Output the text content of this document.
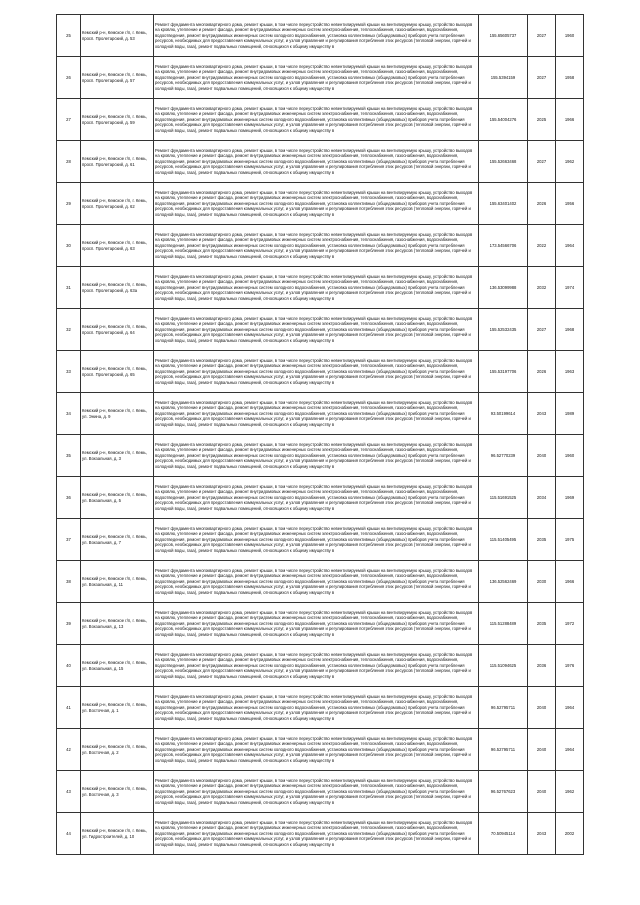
25	Кемский р-н, Кемское г/п, г. Кемь, просп. Пролетарский, д. 53	Ремонт фундамента многоквартирного дома, ремонт крыши, в том числе переустройство невентилируемой крыши на вентилируемую крышу, устройство выходов на кровлю, утепление и ремонт фасада, ремонт внутридомовых инженерных систем электроснабжения, теплоснабжения, газоснабжения, водоснабжения, водоотведения, ремонт внутридомовых инженерных систем холодного водоснабжения, установка коллективных (общедомовых) приборов учета потребления ресурсов, необходимых для предоставления коммунальных услуг, и узлов управления и регулирования потребления этих ресурсов (тепловой энергии, горячей и холодной воды, газа), ремонт подвальных помещений, относящихся к общему имуществу в	155.65605737	2027	1960
26	Кемский р-н, Кемское г/п, г. Кемь, просп. Пролетарский, д. 57	Ремонт фундамента многоквартирного дома, ремонт крыши, в том числе переустройство невентилируемой крыши на вентилируемую крышу, устройство выходов на кровлю, утепление и ремонт фасада, ремонт внутридомовых инженерных систем электроснабжения, теплоснабжения, газоснабжения, водоснабжения, водоотведения, ремонт внутридомовых инженерных систем холодного водоснабжения, установка коллективных (общедомовых) приборов учета потребления ресурсов, необходимых для предоставления коммунальных услуг, и узлов управления и регулирования потребления этих ресурсов (тепловой энергии, горячей и холодной воды, газа), ремонт подвальных помещений, относящихся к общему имуществу в	155.5394159	2027	1958
27	Кемский р-н, Кемское г/п, г. Кемь, просп. Пролетарский, д. 59	Ремонт фундамента многоквартирного дома, ремонт крыши, в том числе переустройство невентилируемой крыши на вентилируемую крышу, устройство выходов на кровлю, утепление и ремонт фасада, ремонт внутридомовых инженерных систем электроснабжения, теплоснабжения, газоснабжения, водоснабжения, водоотведения, ремонт внутридомовых инженерных систем холодного водоснабжения, установка коллективных (общедомовых) приборов учета потребления ресурсов, необходимых для предоставления коммунальных услуг, и узлов управления и регулирования потребления этих ресурсов (тепловой энергии, горячей и холодной воды, газа), ремонт подвальных помещений, относящихся к общему имуществу в	155.54004276	2025	1966
28	Кемский р-н, Кемское г/п, г. Кемь, просп. Пролетарский, д. 61	Ремонт фундамента многоквартирного дома, ремонт крыши, в том числе переустройство невентилируемой крыши на вентилируемую крышу, устройство выходов на кровлю, утепление и ремонт фасада, ремонт внутридомовых инженерных систем электроснабжения, теплоснабжения, газоснабжения, водоснабжения, водоотведения, ремонт внутридомовых инженерных систем холодного водоснабжения, установка коллективных (общедомовых) приборов учета потребления ресурсов, необходимых для предоставления коммунальных услуг, и узлов управления и регулирования потребления этих ресурсов (тепловой энергии, горячей и холодной воды, газа), ремонт подвальных помещений, относящихся к общему имуществу в	155.52663468	2027	1962
29	Кемский р-н, Кемское г/п, г. Кемь, просп. Пролетарский, д. 62	Ремонт фундамента многоквартирного дома, ремонт крыши, в том числе переустройство невентилируемой крыши на вентилируемую крышу, устройство выходов на кровлю, утепление и ремонт фасада, ремонт внутридомовых инженерных систем электроснабжения, теплоснабжения, газоснабжения, водоснабжения, водоотведения, ремонт внутридомовых инженерных систем холодного водоснабжения, установка коллективных (общедомовых) приборов учета потребления ресурсов, необходимых для предоставления коммунальных услуг, и узлов управления и регулирования потребления этих ресурсов (тепловой энергии, горячей и холодной воды, газа), ремонт подвальных помещений, относящихся к общему имуществу в	155.63401402	2026	1956
30	Кемский р-н, Кемское г/п, г. Кемь, просп. Пролетарский, д. 63	Ремонт фундамента многоквартирного дома, ремонт крыши, в том числе переустройство невентилируемой крыши на вентилируемую крышу, устройство выходов на кровлю, утепление и ремонт фасада, ремонт внутридомовых инженерных систем электроснабжения, теплоснабжения, газоснабжения, водоснабжения, водоотведения, ремонт внутридомовых инженерных систем холодного водоснабжения, установка коллективных (общедомовых) приборов учета потребления ресурсов, необходимых для предоставления коммунальных услуг, и узлов управления и регулирования потребления этих ресурсов (тепловой энергии, горячей и холодной воды, газа), ремонт подвальных помещений, относящихся к общему имуществу в	173.54566706	2022	1964
31	Кемский р-н, Кемское г/п, г. Кемь, просп. Пролетарский, д. 63а	Ремонт фундамента многоквартирного дома, ремонт крыши, в том числе переустройство невентилируемой крыши на вентилируемую крышу, устройство выходов на кровлю, утепление и ремонт фасада, ремонт внутридомовых инженерных систем электроснабжения, теплоснабжения, газоснабжения, водоснабжения, водоотведения, ремонт внутридомовых инженерных систем холодного водоснабжения, установка коллективных (общедомовых) приборов учета потребления ресурсов, необходимых для предоставления коммунальных услуг, и узлов управления и регулирования потребления этих ресурсов (тепловой энергии, горячей и холодной воды, газа), ремонт подвальных помещений, относящихся к общему имуществу в	136.53099988	2032	1974
32	Кемский р-н, Кемское г/п, г. Кемь, просп. Пролетарский, д. 64	Ремонт фундамента многоквартирного дома, ремонт крыши, в том числе переустройство невентилируемой крыши на вентилируемую крышу, устройство выходов на кровлю, утепление и ремонт фасада, ремонт внутридомовых инженерных систем электроснабжения, теплоснабжения, газоснабжения, водоснабжения, водоотведения, ремонт внутридомовых инженерных систем холодного водоснабжения, установка коллективных (общедомовых) приборов учета потребления ресурсов, необходимых для предоставления коммунальных услуг, и узлов управления и регулирования потребления этих ресурсов (тепловой энергии, горячей и холодной воды, газа), ремонт подвальных помещений, относящихся к общему имуществу в	155.52532435	2027	1968
33	Кемский р-н, Кемское г/п, г. Кемь, просп. Пролетарский, д. 65	Ремонт фундамента многоквартирного дома, ремонт крыши, в том числе переустройство невентилируемой крыши на вентилируемую крышу, устройство выходов на кровлю, утепление и ремонт фасада, ремонт внутридомовых инженерных систем электроснабжения, теплоснабжения, газоснабжения, водоснабжения, водоотведения, ремонт внутридомовых инженерных систем холодного водоснабжения, установка коллективных (общедомовых) приборов учета потребления ресурсов, необходимых для предоставления коммунальных услуг, и узлов управления и регулирования потребления этих ресурсов (тепловой энергии, горячей и холодной воды, газа), ремонт подвальных помещений, относящихся к общему имуществу в	155.53197706	2026	1963
34	Кемский р-н, Кемское г/п, г. Кемь, ул. Энина, д. 9	Ремонт фундамента многоквартирного дома, ремонт крыши, в том числе переустройство невентилируемой крыши на вентилируемую крышу, устройство выходов на кровлю, утепление и ремонт фасада, ремонт внутридомовых инженерных систем электроснабжения, теплоснабжения, газоснабжения, водоснабжения, водоотведения, ремонт внутридомовых инженерных систем холодного водоснабжения, установка коллективных (общедомовых) приборов учета потребления ресурсов, необходимых для предоставления коммунальных услуг, и узлов управления и регулирования потребления этих ресурсов (тепловой энергии, горячей и холодной воды, газа), ремонт подвальных помещений, относящихся к общему имуществу в	93.50199614	2043	1989
35	Кемский р-н, Кемское г/п, г. Кемь, ул. Вокзальная, д. 3	Ремонт фундамента многоквартирного дома, ремонт крыши, в том числе переустройство невентилируемой крыши на вентилируемую крышу, устройство выходов на кровлю, утепление и ремонт фасада, ремонт внутридомовых инженерных систем электроснабжения, теплоснабжения, газоснабжения, водоснабжения, водоотведения, ремонт внутридомовых инженерных систем холодного водоснабжения, установка коллективных (общедомовых) приборов учета потребления ресурсов, необходимых для предоставления коммунальных услуг, и узлов управления и регулирования потребления этих ресурсов (тепловой энергии, горячей и холодной воды, газа), ремонт подвальных помещений, относящихся к общему имуществу в	96.52770239	2040	1960
36	Кемский р-н, Кемское г/п, г. Кемь, ул. Вокзальная, д. 5	Ремонт фундамента многоквартирного дома, ремонт крыши, в том числе переустройство невентилируемой крыши на вентилируемую крышу, устройство выходов на кровлю, утепление и ремонт фасада, ремонт внутридомовых инженерных систем электроснабжения, теплоснабжения, газоснабжения, водоснабжения, водоотведения, ремонт внутридомовых инженерных систем холодного водоснабжения, установка коллективных (общедомовых) приборов учета потребления ресурсов, необходимых для предоставления коммунальных услуг, и узлов управления и регулирования потребления этих ресурсов (тепловой энергии, горячей и холодной воды, газа), ремонт подвальных помещений, относящихся к общему имуществу в	115.51691525	2034	1969
37	Кемский р-н, Кемское г/п, г. Кемь, ул. Вокзальная, д. 7	Ремонт фундамента многоквартирного дома, ремонт крыши, в том числе переустройство невентилируемой крыши на вентилируемую крышу, устройство выходов на кровлю, утепление и ремонт фасада, ремонт внутридомовых инженерных систем электроснабжения, теплоснабжения, газоснабжения, водоснабжения, водоотведения, ремонт внутридомовых инженерных систем холодного водоснабжения, установка коллективных (общедомовых) приборов учета потребления ресурсов, необходимых для предоставления коммунальных услуг, и узлов управления и регулирования потребления этих ресурсов (тепловой энергии, горячей и холодной воды, газа), ремонт подвальных помещений, относящихся к общему имуществу в	115.51405495	2035	1975
38	Кемский р-н, Кемское г/п, г. Кемь, ул. Вокзальная, д. 11	Ремонт фундамента многоквартирного дома, ремонт крыши, в том числе переустройство невентилируемой крыши на вентилируемую крышу, устройство выходов на кровлю, утепление и ремонт фасада, ремонт внутридомовых инженерных систем электроснабжения, теплоснабжения, газоснабжения, водоснабжения, водоотведения, ремонт внутридомовых инженерных систем холодного водоснабжения, установка коллективных (общедомовых) приборов учета потребления ресурсов, необходимых для предоставления коммунальных услуг, и узлов управления и регулирования потребления этих ресурсов (тепловой энергии, горячей и холодной воды, газа), ремонт подвальных помещений, относящихся к общему имуществу в	136.52562469	2030	1966
39	Кемский р-н, Кемское г/п, г. Кемь, ул. Вокзальная, д. 13	Ремонт фундамента многоквартирного дома, ремонт крыши, в том числе переустройство невентилируемой крыши на вентилируемую крышу, устройство выходов на кровлю, утепление и ремонт фасада, ремонт внутридомовых инженерных систем электроснабжения, теплоснабжения, газоснабжения, водоснабжения, водоотведения, ремонт внутридомовых инженерных систем холодного водоснабжения, установка коллективных (общедомовых) приборов учета потребления ресурсов, необходимых для предоставления коммунальных услуг, и узлов управления и регулирования потребления этих ресурсов (тепловой энергии, горячей и холодной воды, газа), ремонт подвальных помещений, относящихся к общему имуществу в	115.51288489	2035	1972
40	Кемский р-н, Кемское г/п, г. Кемь, ул. Вокзальная, д. 15	Ремонт фундамента многоквартирного дома, ремонт крыши, в том числе переустройство невентилируемой крыши на вентилируемую крышу, устройство выходов на кровлю, утепление и ремонт фасада, ремонт внутридомовых инженерных систем электроснабжения, теплоснабжения, газоснабжения, водоснабжения, водоотведения, ремонт внутридомовых инженерных систем холодного водоснабжения, установка коллективных (общедомовых) приборов учета потребления ресурсов, необходимых для предоставления коммунальных услуг, и узлов управления и регулирования потребления этих ресурсов (тепловой энергии, горячей и холодной воды, газа), ремонт подвальных помещений, относящихся к общему имуществу в	115.51094625	2036	1976
41	Кемский р-н, Кемское г/п, г. Кемь, ул. Восточная, д. 1	Ремонт фундамента многоквартирного дома, ремонт крыши, в том числе переустройство невентилируемой крыши на вентилируемую крышу, устройство выходов на кровлю, утепление и ремонт фасада, ремонт внутридомовых инженерных систем электроснабжения, теплоснабжения, газоснабжения, водоснабжения, водоотведения, ремонт внутридомовых инженерных систем холодного водоснабжения, установка коллективных (общедомовых) приборов учета потребления ресурсов, необходимых для предоставления коммунальных услуг, и узлов управления и регулирования потребления этих ресурсов (тепловой энергии, горячей и холодной воды, газа), ремонт подвальных помещений, относящихся к общему имуществу в	96.52795711	2040	1964
42	Кемский р-н, Кемское г/п, г. Кемь, ул. Восточная, д. 2	Ремонт фундамента многоквартирного дома, ремонт крыши, в том числе переустройство невентилируемой крыши на вентилируемую крышу, устройство выходов на кровлю, утепление и ремонт фасада, ремонт внутридомовых инженерных систем электроснабжения, теплоснабжения, газоснабжения, водоснабжения, водоотведения, ремонт внутридомовых инженерных систем холодного водоснабжения, установка коллективных (общедомовых) приборов учета потребления ресурсов, необходимых для предоставления коммунальных услуг, и узлов управления и регулирования потребления этих ресурсов (тепловой энергии, горячей и холодной воды, газа), ремонт подвальных помещений, относящихся к общему имуществу в	96.52795711	2040	1964
43	Кемский р-н, Кемское г/п, г. Кемь, ул. Восточная, д. 3	Ремонт фундамента многоквартирного дома, ремонт крыши, в том числе переустройство невентилируемой крыши на вентилируемую крышу, устройство выходов на кровлю, утепление и ремонт фасада, ремонт внутридомовых инженерных систем электроснабжения, теплоснабжения, газоснабжения, водоснабжения, водоотведения, ремонт внутридомовых инженерных систем холодного водоснабжения, установка коллективных (общедомовых) приборов учета потребления ресурсов, необходимых для предоставления коммунальных услуг, и узлов управления и регулирования потребления этих ресурсов (тепловой энергии, горячей и холодной воды, газа), ремонт подвальных помещений, относящихся к общему имуществу в	96.52767623	2040	1962
44	Кемский р-н, Кемское г/п, г. Кемь, ул. Гидростроителей, д. 10	Ремонт фундамента многоквартирного дома, ремонт крыши, в том числе переустройство невентилируемой крыши на вентилируемую крышу, устройство выходов на кровлю, утепление и ремонт фасада, ремонт внутридомовых инженерных систем электроснабжения, теплоснабжения, газоснабжения, водоснабжения, водоотведения, ремонт внутридомовых инженерных систем холодного водоснабжения, установка коллективных (общедомовых) приборов учета потребления ресурсов, необходимых для предоставления коммунальных услуг, и узлов управления и регулирования потребления этих ресурсов (тепловой энергии, горячей и холодной воды, газа), ремонт подвальных помещений, относящихся к общему имуществу в	70.50945114	2043	2002
